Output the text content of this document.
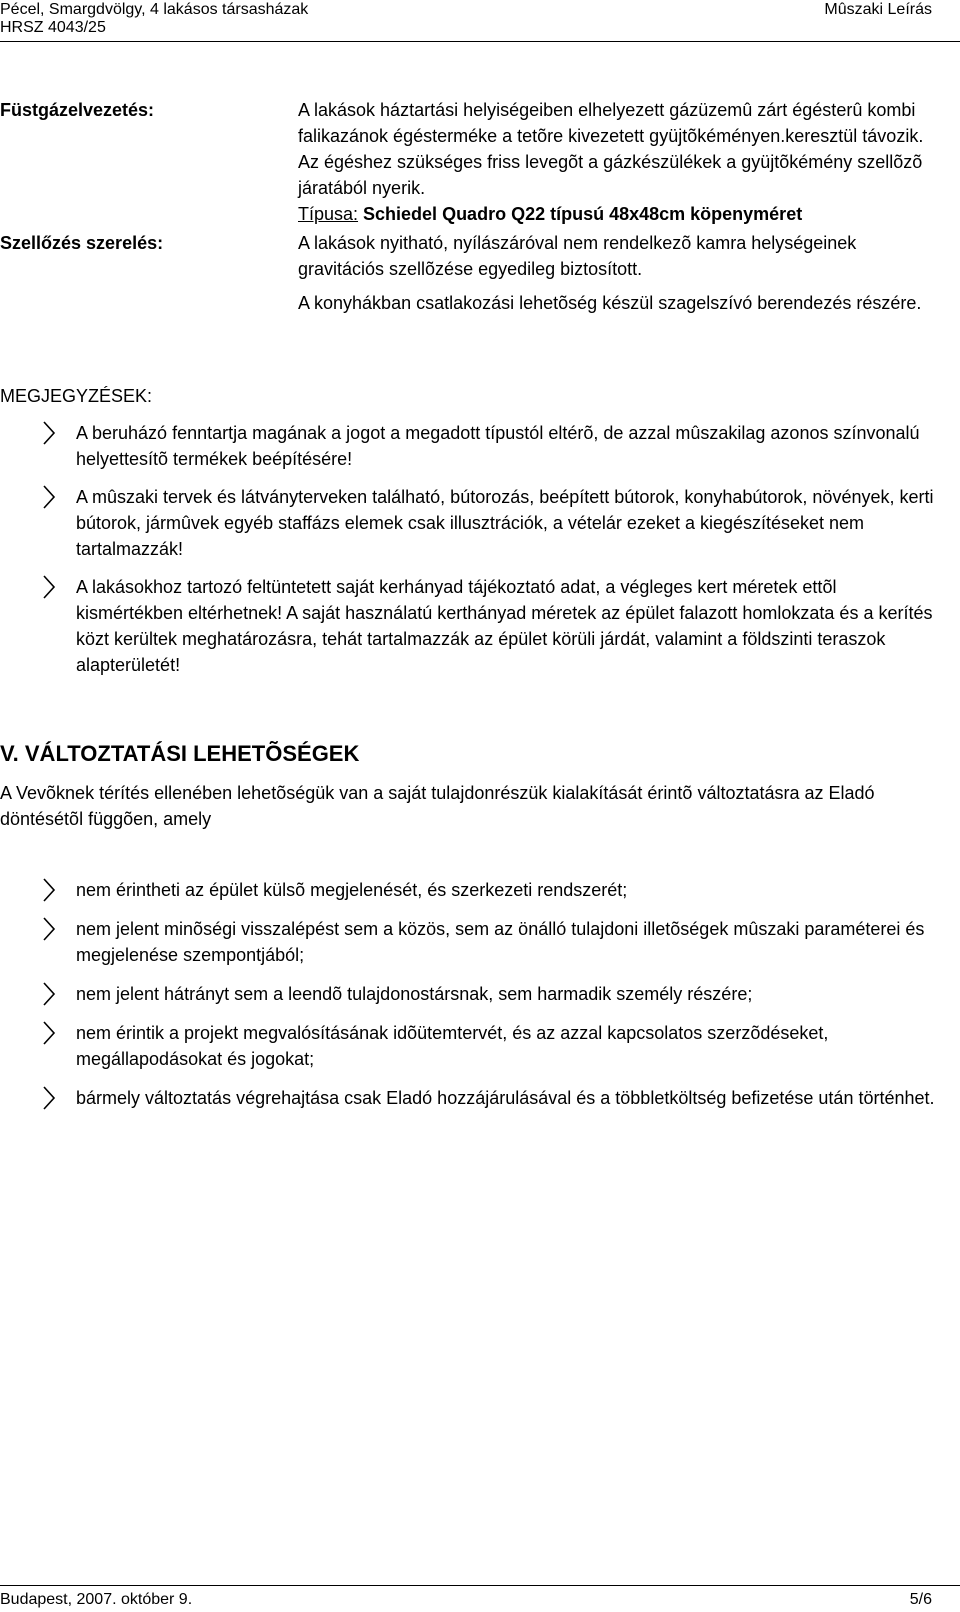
Pécel, Smargdvölgy, 4 lakásos társasházak
HRSZ 4043/25
Mûszaki Leírás
Füstgázelvezetés:	A lakások háztartási helyiségeiben elhelyezett gázüzemû zárt égésterû kombi falikazánok égésterméke a tetõre kivezetett gyüjtõkéményen.keresztül távozik. Az égéshez szükséges friss levegõt a gázkészülékek a gyüjtõkémény szellõzõ járatából nyerik.

Típusa: Schiedel Quadro Q22 típusú 48x48cm köpenyméret

Szellőzés szerelés:	A lakások nyitható, nyílászáróval nem rendelkezõ kamra helységeinek gravitációs szellõzése egyedileg biztosított.

A konyhákban csatlakozási lehetõség készül szagelszívó berendezés részére.

MEGJEGYZÉSEK:
A beruházó fenntartja magának a jogot a megadott típustól eltérõ, de azzal mûszakilag azonos színvonalú helyettesítõ termékek beépítésére!
A mûszaki tervek és látványterveken található, bútorozás, beépített bútorok, konyhabútorok, növények, kerti bútorok, jármûvek egyéb staffázs elemek csak illusztrációk, a vételár ezeket a kiegészítéseket nem tartalmazzák!
A lakásokhoz tartozó feltüntetett saját kerhányad tájékoztató adat, a végleges kert méretek ettõl kismértékben eltérhetnek! A saját használatú kerthányad méretek az épület falazott homlokzata és a kerítés közt kerültek meghatározásra, tehát tartalmazzák az épület körüli járdát, valamint a földszinti teraszok alapterületét!
V. VÁLTOZTATÁSI LEHETÕSÉGEK

A Vevõknek térítés ellenében lehetõségük van a saját tulajdonrészük kialakítását érintõ változtatásra az Eladó döntésétõl függõen, amely

nem érintheti az épület külsõ megjelenését, és szerkezeti rendszerét;
nem jelent minõségi visszalépést sem a közös, sem az önálló tulajdoni illetõségek mûszaki paraméterei és megjelenése szempontjából;
nem jelent hátrányt sem a leendõ tulajdonostársnak, sem harmadik személy részére;
nem érintik a projekt megvalósításának idõütemtervét, és az azzal kapcsolatos szerzõdéseket, megállapodásokat és jogokat;
bármely változtatás végrehajtása csak Eladó hozzájárulásával és a többletköltség befizetése után történhet.
Budapest, 2007. október 9.	5/6
